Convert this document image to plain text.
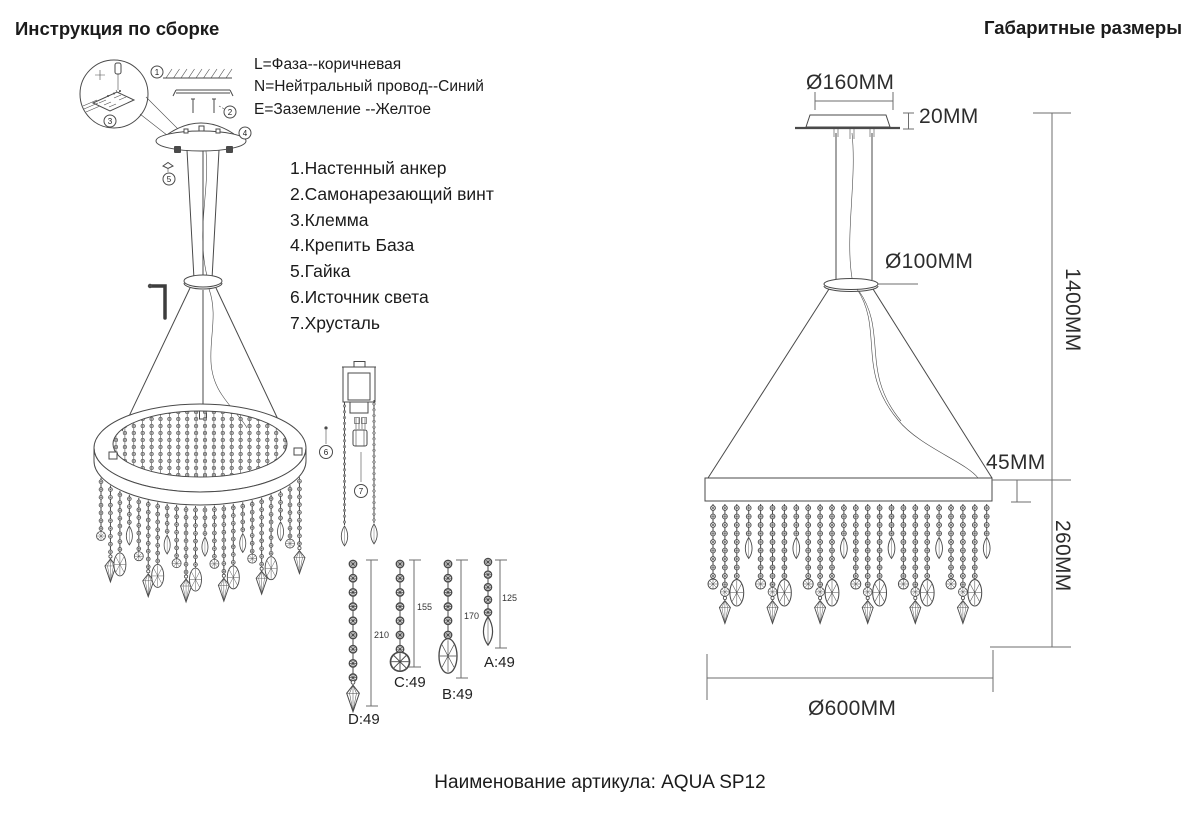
1
2
3
4
5
6
7
Инструкция по сборке	Габаритные размеры
L=Фаза--коричневая
N=Нейтральный провод--Синий
E=Заземление --Желтое
1.Настенный анкер
2.Самонарезающий винт
3.Клемма
4.Крепить База
5.Гайка
6.Источник света
7.Хрусталь
210
155
170
125
D:49
C:49
B:49
A:49
Ø160MM
20MM
Ø100MM
1400MM
45MM
260MM
Ø600MM
Наименование артикула: AQUA SP12
